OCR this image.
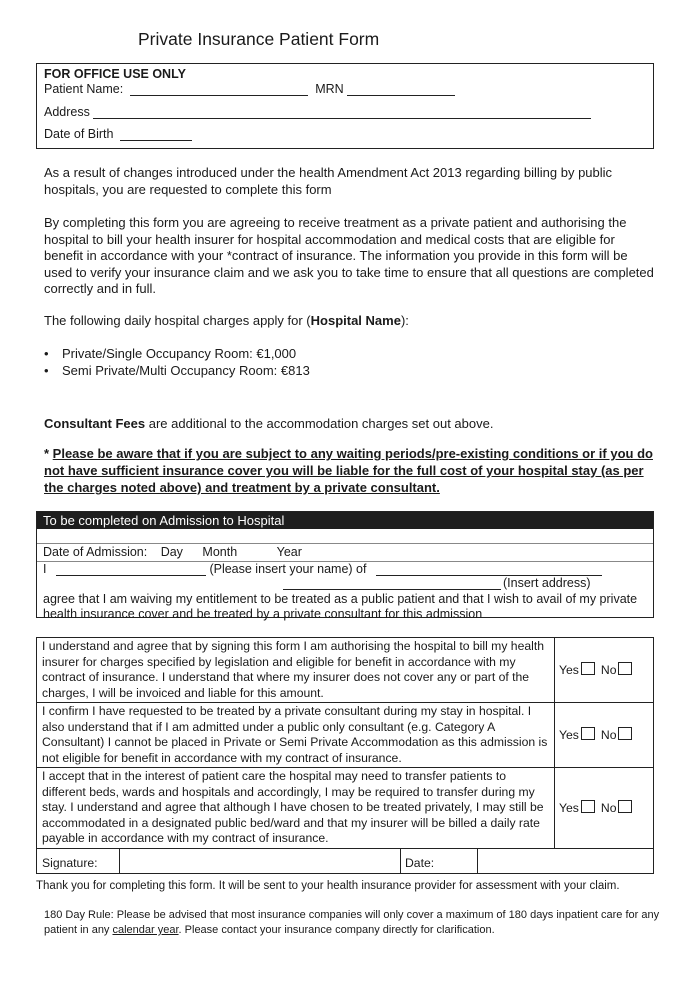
Private Insurance Patient Form
FOR OFFICE USE ONLY
Patient Name:	MRN
Address
Date of Birth
As a result of changes introduced under the health Amendment Act 2013 regarding billing by public hospitals, you are requested to complete this form
By completing this form you are agreeing to receive treatment as a private patient and authorising the hospital to bill your health insurer for hospital accommodation and medical costs that are eligible for benefit in accordance with your *contract of insurance. The information you provide in this form will be used to verify your insurance claim and we ask you to take time to ensure that all questions are completed correctly and in full.
The following daily hospital charges apply for (Hospital Name):
• Private/Single Occupancy Room: €1,000
• Semi Private/Multi Occupancy Room: €813
Consultant Fees are additional to the accommodation charges set out above.
* Please be aware that if you are subject to any waiting periods/pre-existing conditions or if you do not have sufficient insurance cover you will be liable for the full cost of your hospital stay (as per the charges noted above) and treatment by a private consultant.
To be completed on Admission to Hospital
Date of Admission: Day Month	Year
I	(Please insert your name) of
(Insert address)
agree that I am waiving my entitlement to be treated as a public patient and that I wish to avail of my private health insurance cover and be treated by a private consultant for this admission
I understand and agree that by signing this form I am authorising the hospital to bill my health insurer for charges specified by legislation and eligible for benefit in accordance with my contract of insurance. I understand that where my insurer does not cover any or part of the charges, I will be invoiced and liable for this amount.	Yes No
I confirm I have requested to be treated by a private consultant during my stay in hospital. I also understand that if I am admitted under a public only consultant (e.g. Category A Consultant) I cannot be placed in Private or Semi Private Accommodation as this admission is not eligible for benefit in accordance with my contract of insurance.	Yes No
I accept that in the interest of patient care the hospital may need to transfer patients to different beds, wards and hospitals and accordingly, I may be required to transfer during my stay. I understand and agree that although I have chosen to be treated privately, I may still be accommodated in a designated public bed/ward and that my insurer will be billed a daily rate payable in accordance with my contract of insurance.	Yes No

Signature: Date:	
Thank you for completing this form. It will be sent to your health insurance provider for assessment with your claim.
180 Day Rule: Please be advised that most insurance companies will only cover a maximum of 180 days inpatient care for any patient in any calendar year. Please contact your insurance company directly for clarification.
